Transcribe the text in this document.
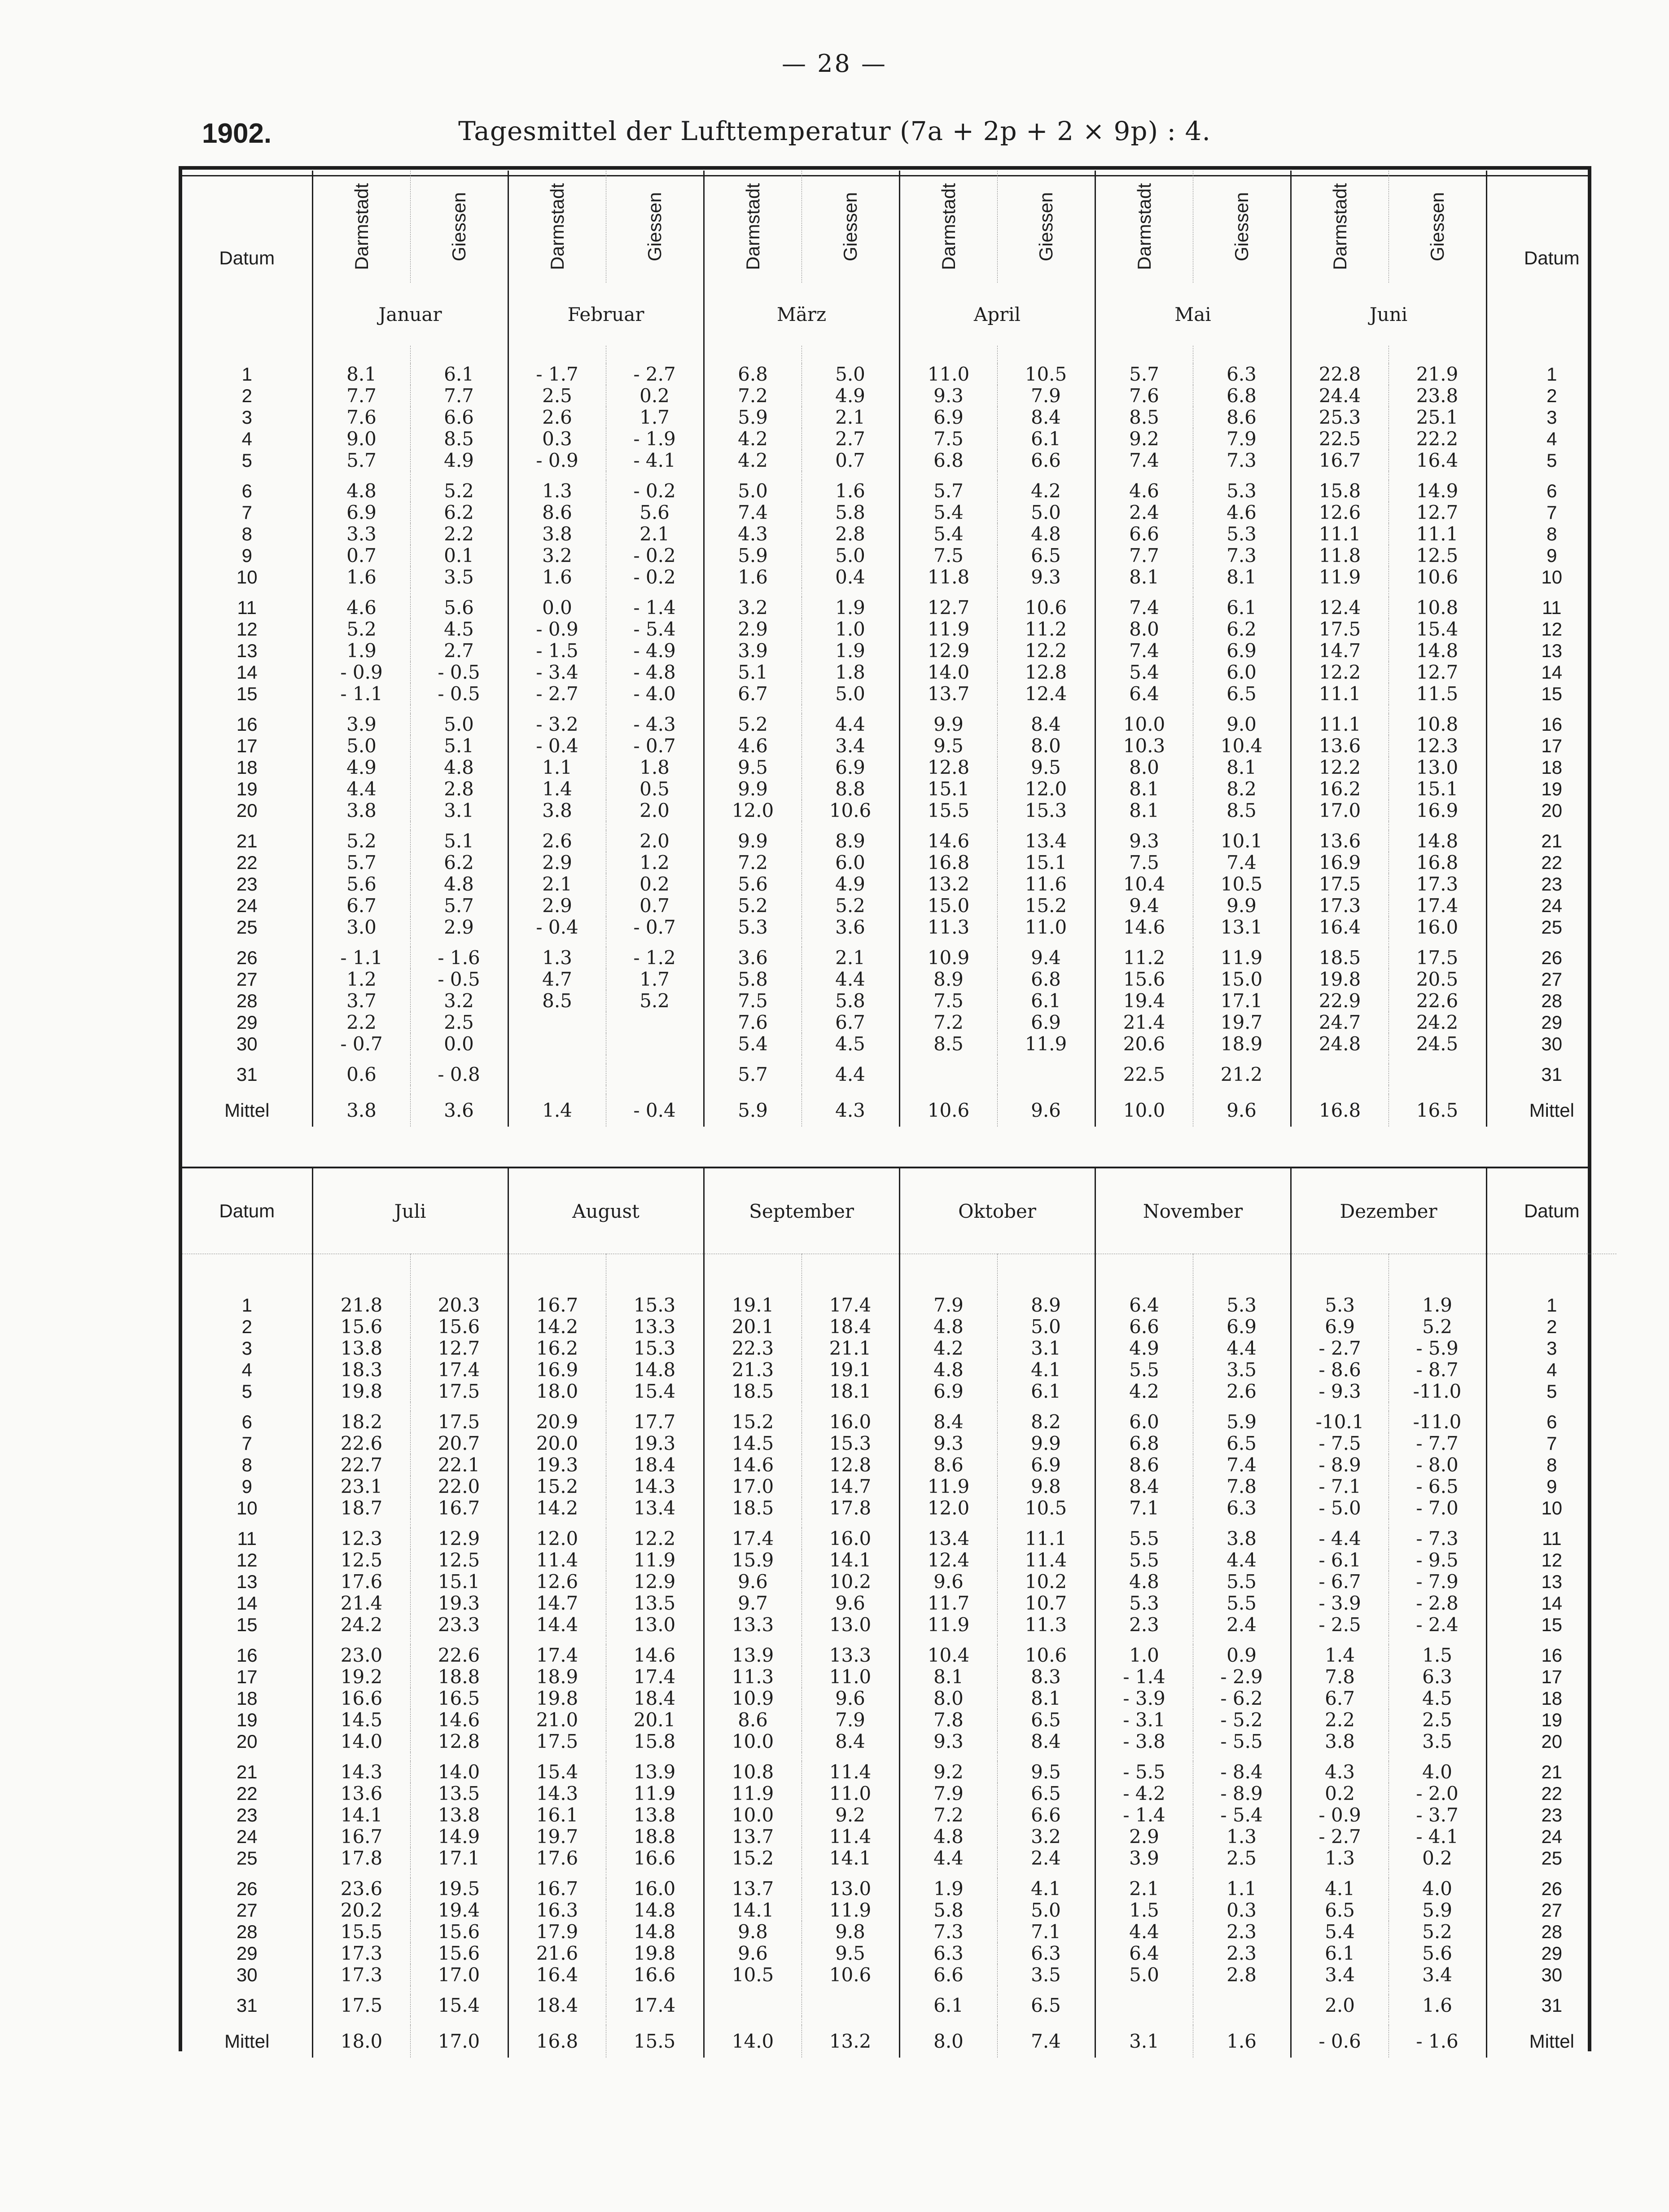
— 28 —
1902.	Tagesmittel der Lufttemperatur (7a + 2p + 2 × 9p) : 4.
Datum	Darmstadt	Giessen	Darmstadt	Giessen	Darmstadt	Giessen	Darmstadt	Giessen	Darmstadt	Giessen	Darmstadt	Giessen	Datum
	Januar		Februar		März		April		Mai		Juni		

1	8.1	6.1	- 1.7	- 2.7	6.8	5.0	11.0	10.5	5.7	6.3	22.8	21.9	1
2	7.7	7.7	2.5	0.2	7.2	4.9	9.3	7.9	7.6	6.8	24.4	23.8	2
3	7.6	6.6	2.6	1.7	5.9	2.1	6.9	8.4	8.5	8.6	25.3	25.1	3
4	9.0	8.5	0.3	- 1.9	4.2	2.7	7.5	6.1	9.2	7.9	22.5	22.2	4
5	5.7	4.9	- 0.9	- 4.1	4.2	0.7	6.8	6.6	7.4	7.3	16.7	16.4	5

6	4.8	5.2	1.3	- 0.2	5.0	1.6	5.7	4.2	4.6	5.3	15.8	14.9	6
7	6.9	6.2	8.6	5.6	7.4	5.8	5.4	5.0	2.4	4.6	12.6	12.7	7
8	3.3	2.2	3.8	2.1	4.3	2.8	5.4	4.8	6.6	5.3	11.1	11.1	8
9	0.7	0.1	3.2	- 0.2	5.9	5.0	7.5	6.5	7.7	7.3	11.8	12.5	9
10	1.6	3.5	1.6	- 0.2	1.6	0.4	11.8	9.3	8.1	8.1	11.9	10.6	10

11	4.6	5.6	0.0	- 1.4	3.2	1.9	12.7	10.6	7.4	6.1	12.4	10.8	11
12	5.2	4.5	- 0.9	- 5.4	2.9	1.0	11.9	11.2	8.0	6.2	17.5	15.4	12
13	1.9	2.7	- 1.5	- 4.9	3.9	1.9	12.9	12.2	7.4	6.9	14.7	14.8	13
14	- 0.9	- 0.5	- 3.4	- 4.8	5.1	1.8	14.0	12.8	5.4	6.0	12.2	12.7	14
15	- 1.1	- 0.5	- 2.7	- 4.0	6.7	5.0	13.7	12.4	6.4	6.5	11.1	11.5	15

16	3.9	5.0	- 3.2	- 4.3	5.2	4.4	9.9	8.4	10.0	9.0	11.1	10.8	16
17	5.0	5.1	- 0.4	- 0.7	4.6	3.4	9.5	8.0	10.3	10.4	13.6	12.3	17
18	4.9	4.8	1.1	1.8	9.5	6.9	12.8	9.5	8.0	8.1	12.2	13.0	18
19	4.4	2.8	1.4	0.5	9.9	8.8	15.1	12.0	8.1	8.2	16.2	15.1	19
20	3.8	3.1	3.8	2.0	12.0	10.6	15.5	15.3	8.1	8.5	17.0	16.9	20

21	5.2	5.1	2.6	2.0	9.9	8.9	14.6	13.4	9.3	10.1	13.6	14.8	21
22	5.7	6.2	2.9	1.2	7.2	6.0	16.8	15.1	7.5	7.4	16.9	16.8	22
23	5.6	4.8	2.1	0.2	5.6	4.9	13.2	11.6	10.4	10.5	17.5	17.3	23
24	6.7	5.7	2.9	0.7	5.2	5.2	15.0	15.2	9.4	9.9	17.3	17.4	24
25	3.0	2.9	- 0.4	- 0.7	5.3	3.6	11.3	11.0	14.6	13.1	16.4	16.0	25

26	- 1.1	- 1.6	1.3	- 1.2	3.6	2.1	10.9	9.4	11.2	11.9	18.5	17.5	26
27	1.2	- 0.5	4.7	1.7	5.8	4.4	8.9	6.8	15.6	15.0	19.8	20.5	27
28	3.7	3.2	8.5	5.2	7.5	5.8	7.5	6.1	19.4	17.1	22.9	22.6	28
29	2.2	2.5			7.6	6.7	7.2	6.9	21.4	19.7	24.7	24.2	29
30	- 0.7	0.0			5.4	4.5	8.5	11.9	20.6	18.9	24.8	24.5	30

31	0.6	- 0.8			5.7	4.4			22.5	21.2			31

Mittel	3.8	3.6	1.4	- 0.4	5.9	4.3	10.6	9.6	10.0	9.6	16.8	16.5	Mittel
Datum	Juli		August		September		Oktober		November		Dezember		Datum

1	21.8	20.3	16.7	15.3	19.1	17.4	7.9	8.9	6.4	5.3	5.3	1.9	1
2	15.6	15.6	14.2	13.3	20.1	18.4	4.8	5.0	6.6	6.9	6.9	5.2	2
3	13.8	12.7	16.2	15.3	22.3	21.1	4.2	3.1	4.9	4.4	- 2.7	- 5.9	3
4	18.3	17.4	16.9	14.8	21.3	19.1	4.8	4.1	5.5	3.5	- 8.6	- 8.7	4
5	19.8	17.5	18.0	15.4	18.5	18.1	6.9	6.1	4.2	2.6	- 9.3	-11.0	5

6	18.2	17.5	20.9	17.7	15.2	16.0	8.4	8.2	6.0	5.9	-10.1	-11.0	6
7	22.6	20.7	20.0	19.3	14.5	15.3	9.3	9.9	6.8	6.5	- 7.5	- 7.7	7
8	22.7	22.1	19.3	18.4	14.6	12.8	8.6	6.9	8.6	7.4	- 8.9	- 8.0	8
9	23.1	22.0	15.2	14.3	17.0	14.7	11.9	9.8	8.4	7.8	- 7.1	- 6.5	9
10	18.7	16.7	14.2	13.4	18.5	17.8	12.0	10.5	7.1	6.3	- 5.0	- 7.0	10

11	12.3	12.9	12.0	12.2	17.4	16.0	13.4	11.1	5.5	3.8	- 4.4	- 7.3	11
12	12.5	12.5	11.4	11.9	15.9	14.1	12.4	11.4	5.5	4.4	- 6.1	- 9.5	12
13	17.6	15.1	12.6	12.9	9.6	10.2	9.6	10.2	4.8	5.5	- 6.7	- 7.9	13
14	21.4	19.3	14.7	13.5	9.7	9.6	11.7	10.7	5.3	5.5	- 3.9	- 2.8	14
15	24.2	23.3	14.4	13.0	13.3	13.0	11.9	11.3	2.3	2.4	- 2.5	- 2.4	15

16	23.0	22.6	17.4	14.6	13.9	13.3	10.4	10.6	1.0	0.9	1.4	1.5	16
17	19.2	18.8	18.9	17.4	11.3	11.0	8.1	8.3	- 1.4	- 2.9	7.8	6.3	17
18	16.6	16.5	19.8	18.4	10.9	9.6	8.0	8.1	- 3.9	- 6.2	6.7	4.5	18
19	14.5	14.6	21.0	20.1	8.6	7.9	7.8	6.5	- 3.1	- 5.2	2.2	2.5	19
20	14.0	12.8	17.5	15.8	10.0	8.4	9.3	8.4	- 3.8	- 5.5	3.8	3.5	20

21	14.3	14.0	15.4	13.9	10.8	11.4	9.2	9.5	- 5.5	- 8.4	4.3	4.0	21
22	13.6	13.5	14.3	11.9	11.9	11.0	7.9	6.5	- 4.2	- 8.9	0.2	- 2.0	22
23	14.1	13.8	16.1	13.8	10.0	9.2	7.2	6.6	- 1.4	- 5.4	- 0.9	- 3.7	23
24	16.7	14.9	19.7	18.8	13.7	11.4	4.8	3.2	2.9	1.3	- 2.7	- 4.1	24
25	17.8	17.1	17.6	16.6	15.2	14.1	4.4	2.4	3.9	2.5	1.3	0.2	25

26	23.6	19.5	16.7	16.0	13.7	13.0	1.9	4.1	2.1	1.1	4.1	4.0	26
27	20.2	19.4	16.3	14.8	14.1	11.9	5.8	5.0	1.5	0.3	6.5	5.9	27
28	15.5	15.6	17.9	14.8	9.8	9.8	7.3	7.1	4.4	2.3	5.4	5.2	28
29	17.3	15.6	21.6	19.8	9.6	9.5	6.3	6.3	6.4	2.3	6.1	5.6	29
30	17.3	17.0	16.4	16.6	10.5	10.6	6.6	3.5	5.0	2.8	3.4	3.4	30

31	17.5	15.4	18.4	17.4			6.1	6.5			2.0	1.6	31

Mittel	18.0	17.0	16.8	15.5	14.0	13.2	8.0	7.4	3.1	1.6	- 0.6	- 1.6	Mittel
